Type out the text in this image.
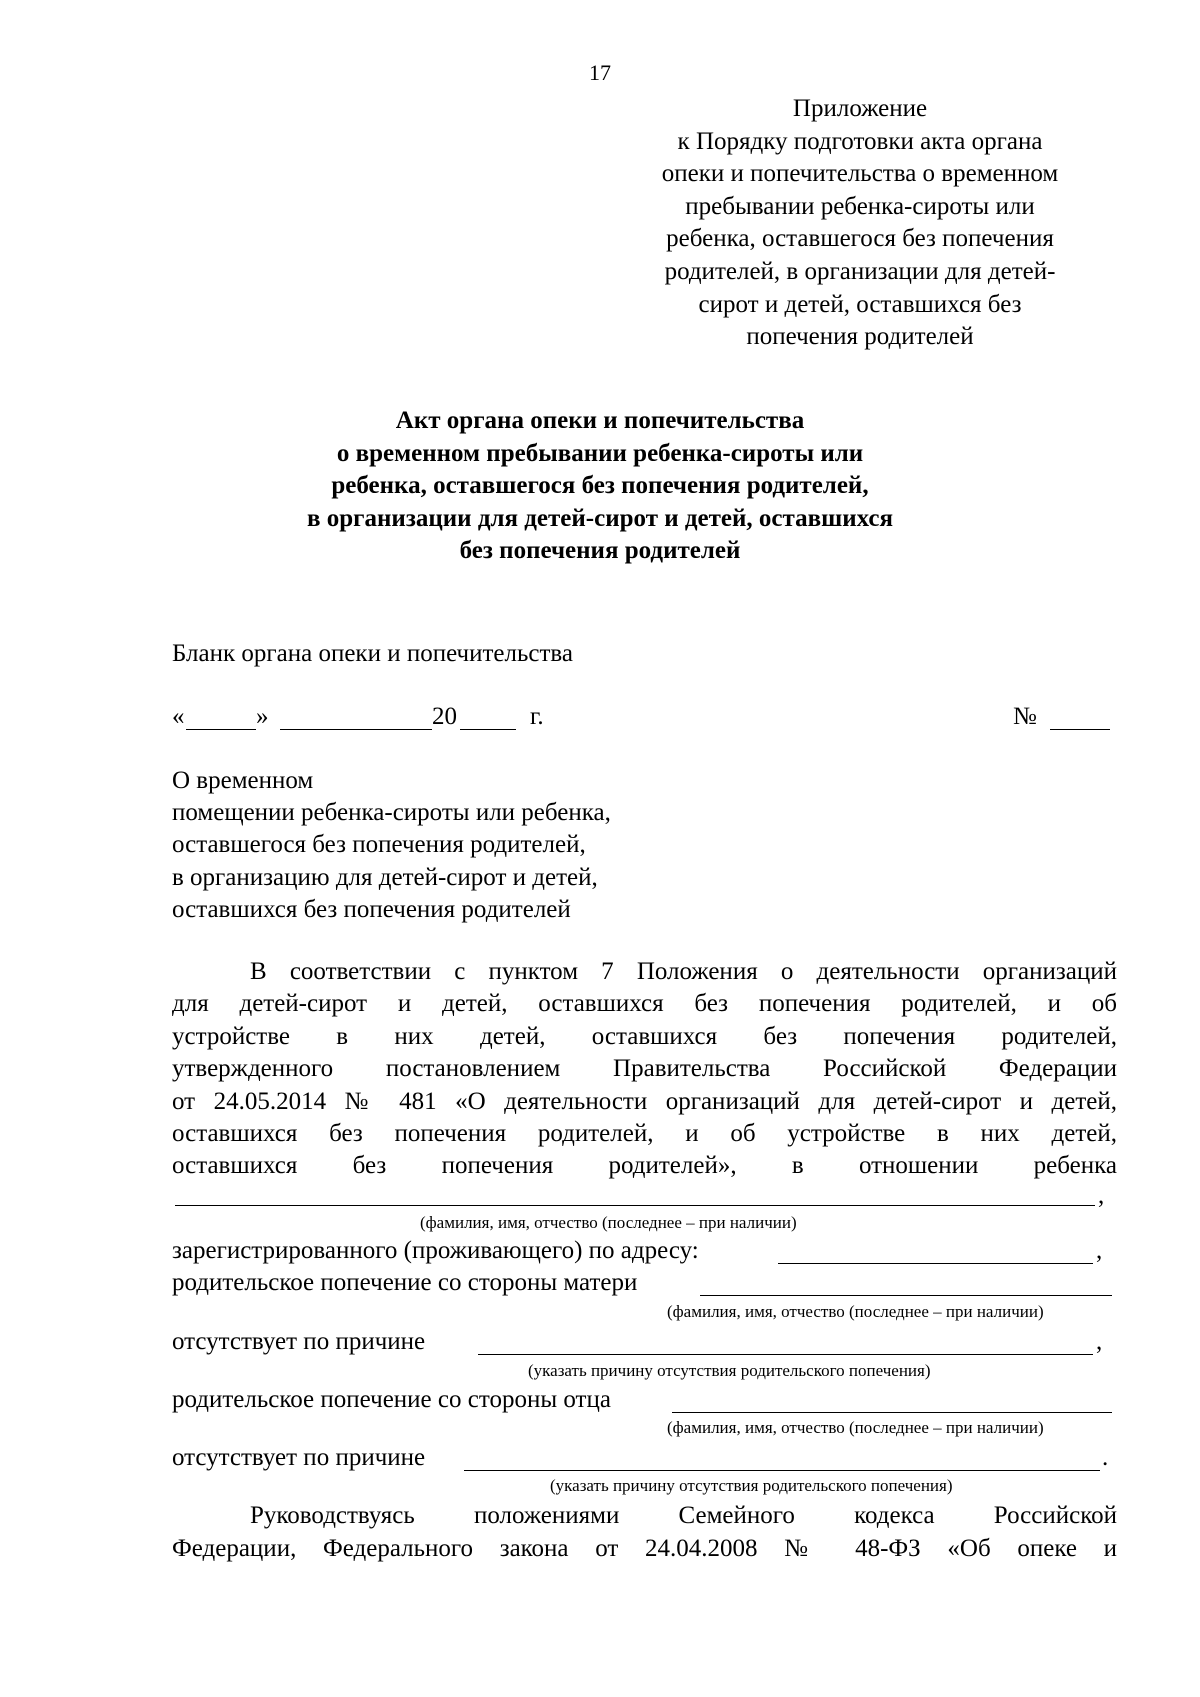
17
Приложение
к Порядку подготовки акта органа
опеки и попечительства о временном
пребывании ребенка-сироты или
ребенка, оставшегося без попечения
родителей, в организации для детей-
сирот и детей, оставшихся без
попечения родителей
Акт органа опеки и попечительства
о временном пребывании ребенка-сироты или
ребенка, оставшегося без попечения родителей,
в организации для детей-сирот и детей, оставшихся
без попечения родителей
Бланк органа опеки и попечительства
«	»	20	г.	№
О временном
помещении ребенка-сироты или ребенка,
оставшегося без попечения родителей,
в организацию для детей-сирот и детей,
оставшихся без попечения родителей
В соответствии с пунктом 7 Положения о деятельности организаций
для детей-сирот и детей, оставшихся без попечения родителей, и об
устройстве в них детей, оставшихся без попечения родителей,
утвержденного постановлением Правительства Российской Федерации
от 24.05.2014 № 481 «О деятельности организаций для детей-сирот и детей,
оставшихся без попечения родителей, и об устройстве в них детей,
оставшихся без попечения родителей», в отношении ребенка
,
(фамилия, имя, отчество (последнее – при наличии)
зарегистрированного (проживающего) по адресу:	,
родительское попечение со стороны матери
(фамилия, имя, отчество (последнее – при наличии)
отсутствует по причине	,
(указать причину отсутствия родительского попечения)
родительское попечение со стороны отца
(фамилия, имя, отчество (последнее – при наличии)
отсутствует по причине	.
(указать причину отсутствия родительского попечения)
Руководствуясь положениями Семейного кодекса Российской
Федерации, Федерального закона от 24.04.2008 № 48-ФЗ «Об опеке и
